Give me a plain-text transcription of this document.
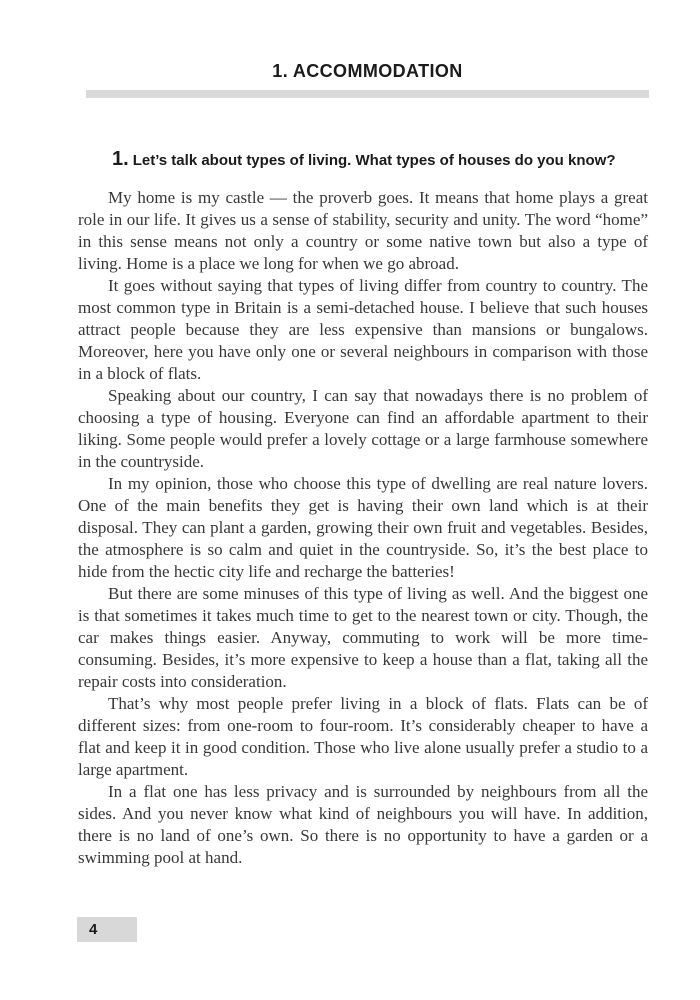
1. ACCOMMODATION
1. Let’s talk about types of living. What types of houses do you know?

My home is my castle — the proverb goes. It means that home plays a great role in our life. It gives us a sense of stability, security and unity. The word “home” in this sense means not only a country or some native town but also a type of living. Home is a place we long for when we go abroad.

It goes without saying that types of living differ from country to country. The most common type in Britain is a semi-detached house. I believe that such houses attract people because they are less expensive than mansions or bungalows. Moreover, here you have only one or several neighbours in comparison with those in a block of flats.

Speaking about our country, I can say that nowadays there is no problem of choosing a type of housing. Everyone can find an affordable apartment to their liking. Some people would prefer a lovely cottage or a large farmhouse somewhere in the countryside.

In my opinion, those who choose this type of dwelling are real nature lovers. One of the main benefits they get is having their own land which is at their disposal. They can plant a garden, growing their own fruit and vegetables. Besides, the atmosphere is so calm and quiet in the countryside. So, it’s the best place to hide from the hectic city life and recharge the batteries!

But there are some minuses of this type of living as well. And the biggest one is that sometimes it takes much time to get to the nearest town or city. Though, the car makes things easier. Anyway, commuting to work will be more time-consuming. Besides, it’s more expensive to keep a house than a flat, taking all the repair costs into consideration.

That’s why most people prefer living in a block of flats. Flats can be of different sizes: from one-room to four-room. It’s considerably cheaper to have a flat and keep it in good condition. Those who live alone usually prefer a studio to a large apartment.

In a flat one has less privacy and is surrounded by neighbours from all the sides. And you never know what kind of neighbours you will have. In addition, there is no land of one’s own. So there is no opportunity to have a garden or a swimming pool at hand.

4
